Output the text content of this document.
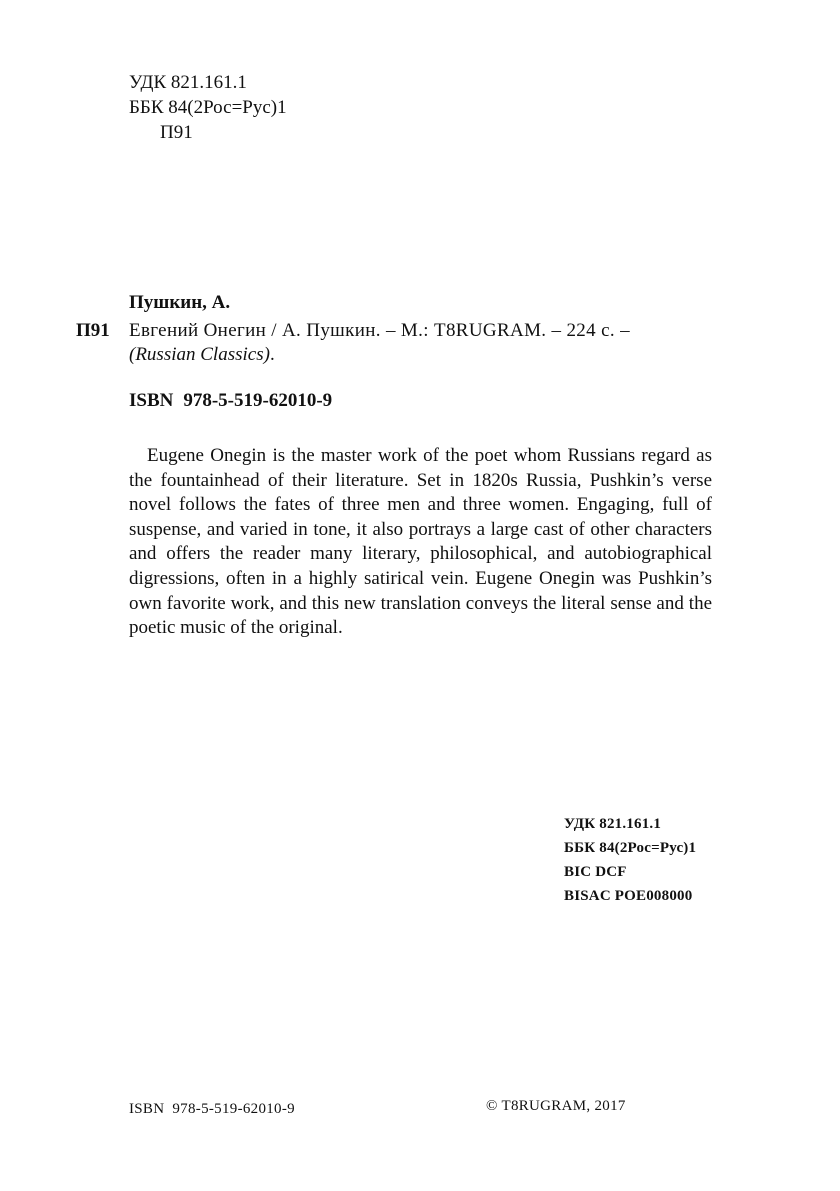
УДК 821.161.1
ББК 84(2Рос=Рус)1
П91
Пушкин, А.
П91 Евгений Онегин / А. Пушкин. – М.: T8RUGRAM. – 224 с. –
(Russian Classics).
ISBN 978-5-519-62010-9

Eugene Onegin is the master work of the poet whom Russians regard as the fountainhead of their literature. Set in 1820s Russia, Pushkin’s verse novel follows the fates of three men and three women. Engaging, full of suspense, and varied in tone, it also portrays a large cast of other characters and offers the reader many literary, philosophical, and autobiographical digressions, often in a highly satirical vein. Eugene Onegin was Pushkin’s own favorite work, and this new translation conveys the literal sense and the poetic music of the original.

УДК 821.161.1
ББК 84(2Рос=Рус)1
BIC DCF
BISAC POE008000
ISBN 978-5-519-62010-9	© T8RUGRAM, 2017
